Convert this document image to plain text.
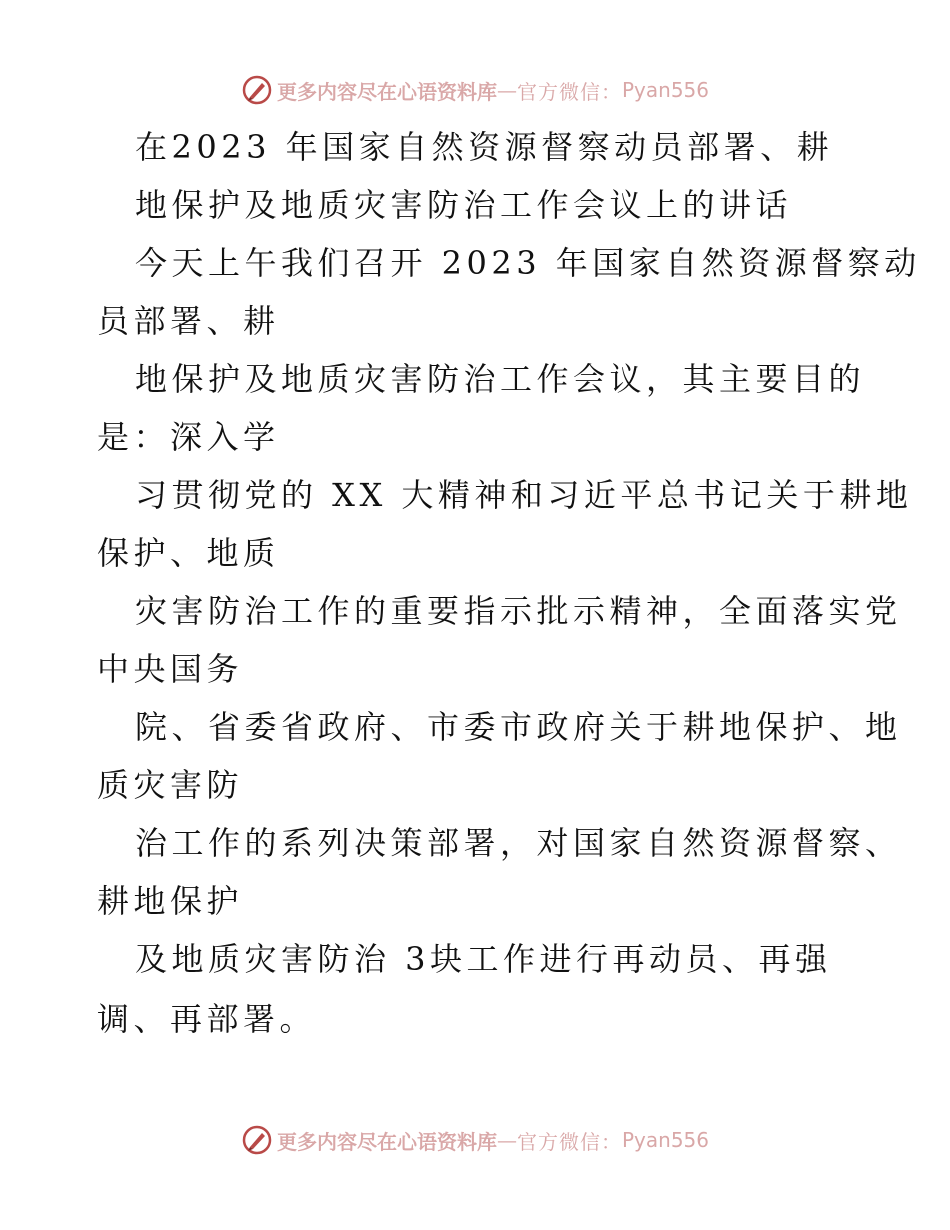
更多内容尽在心语资料库 — 官方微信： Pyan556
在2023 年国家自然资源督察动员部署、耕
地保护及地质灾害防治工作会议上的讲话
今天上午我们召开 2023 年国家自然资源督察动
员部署、耕
地保护及地质灾害防治工作会议，其主要目的
是：深入学
习贯彻党的 XX 大精神和习近平总书记关于耕地
保护、地质
灾害防治工作的重要指示批示精神，全面落实党
中央国务
院、省委省政府、市委市政府关于耕地保护、地
质灾害防
治工作的系列决策部署，对国家自然资源督察、
耕地保护
及地质灾害防治 3块工作进行再动员、再强
调、再部署。
更多内容尽在心语资料库 — 官方微信： Pyan556
